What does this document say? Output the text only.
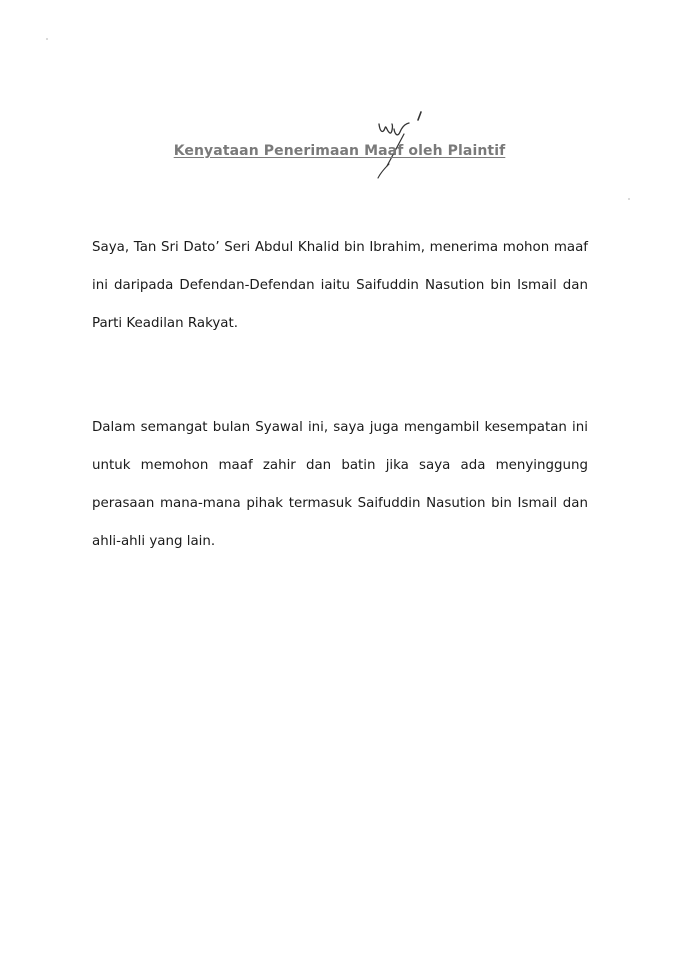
Kenyataan Penerimaan Maaf oleh Plaintif

Saya, Tan Sri Dato’ Seri Abdul Khalid bin Ibrahim, menerima mohon maaf ini daripada Defendan-Defendan iaitu Saifuddin Nasution bin Ismail dan Parti Keadilan Rakyat.

Dalam semangat bulan Syawal ini, saya juga mengambil kesempatan ini untuk memohon maaf zahir dan batin jika saya ada menyinggung perasaan mana-mana pihak termasuk Saifuddin Nasution bin Ismail dan ahli-ahli yang lain.
